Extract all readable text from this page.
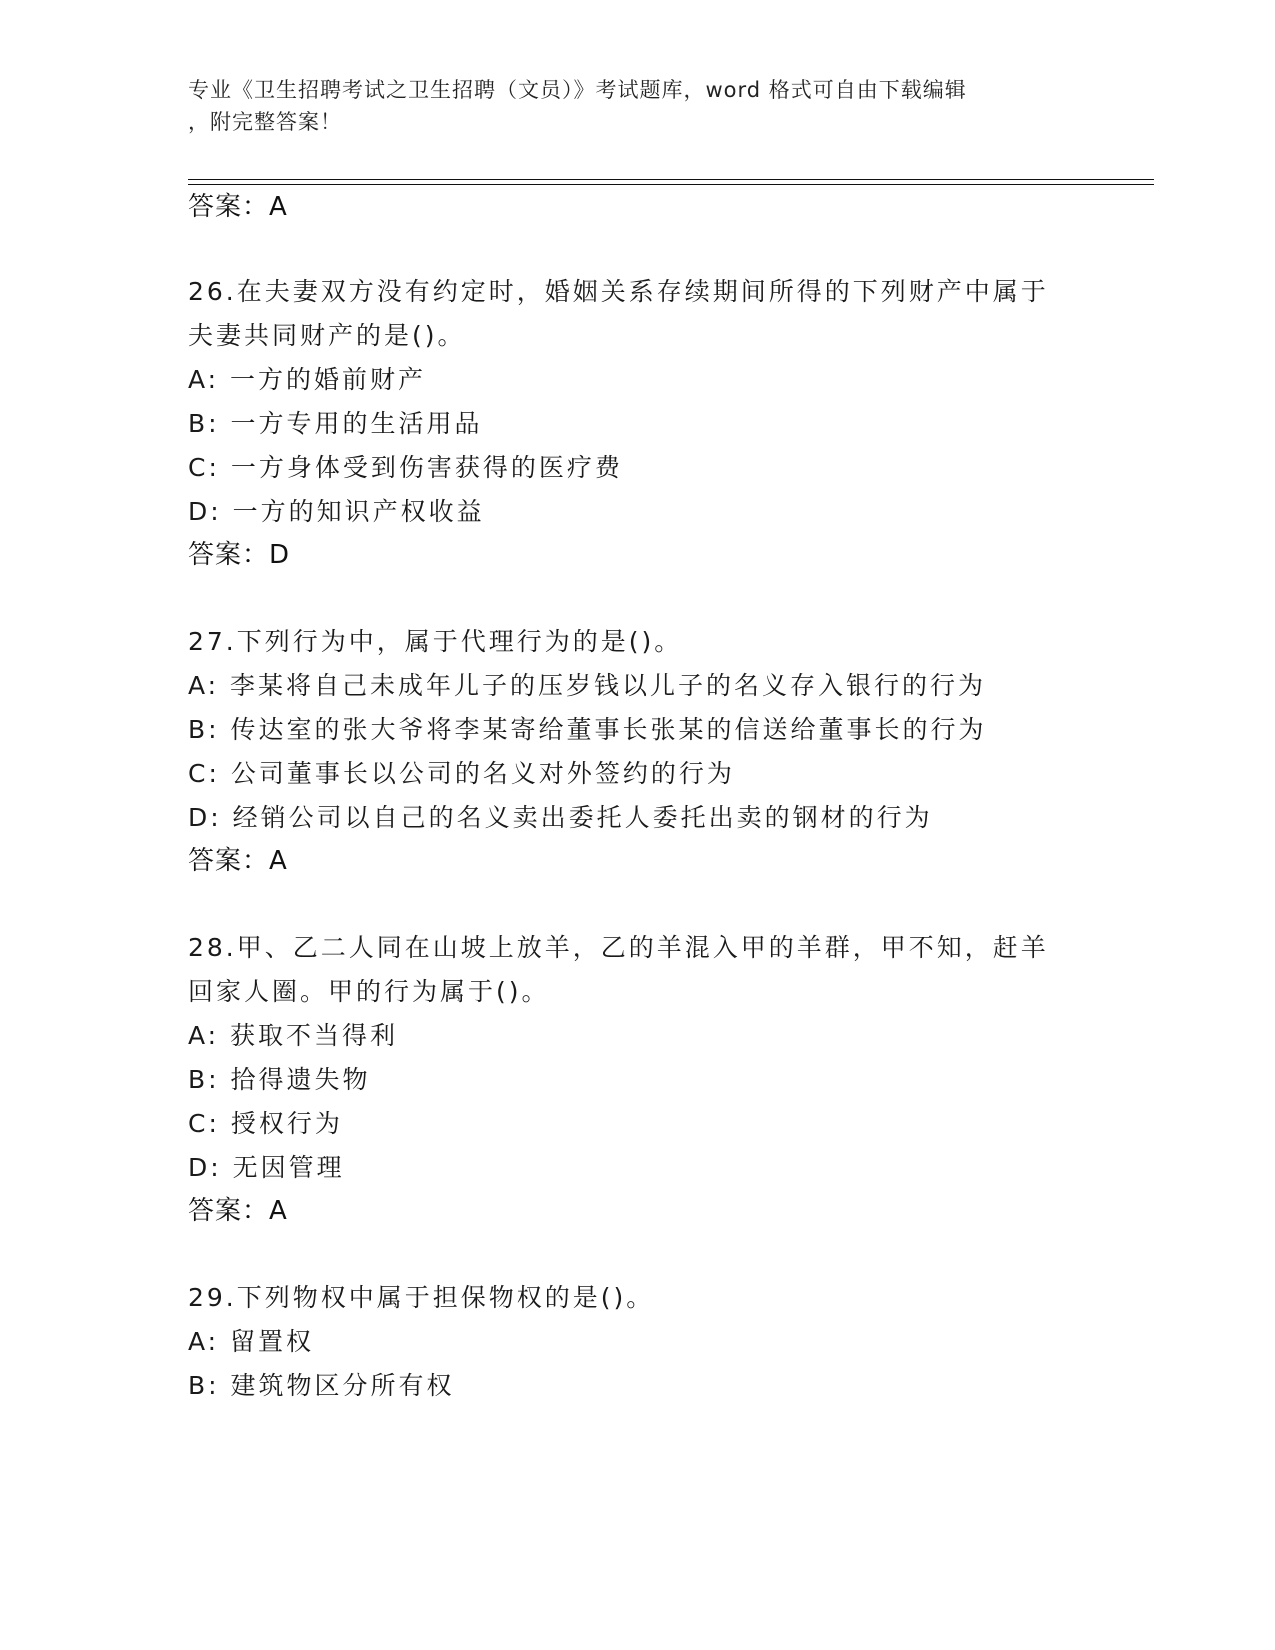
专业《卫生招聘考试之卫生招聘（文员）》考试题库，word 格式可自由下载编辑
，附完整答案！
答案：A
26.在夫妻双方没有约定时，婚姻关系存续期间所得的下列财产中属于
夫妻共同财产的是()。
A: 一方的婚前财产
B: 一方专用的生活用品
C: 一方身体受到伤害获得的医疗费
D: 一方的知识产权收益
答案：D
27.下列行为中，属于代理行为的是()。
A: 李某将自己未成年儿子的压岁钱以儿子的名义存入银行的行为
B: 传达室的张大爷将李某寄给董事长张某的信送给董事长的行为
C: 公司董事长以公司的名义对外签约的行为
D: 经销公司以自己的名义卖出委托人委托出卖的钢材的行为
答案：A
28.甲、乙二人同在山坡上放羊，乙的羊混入甲的羊群，甲不知，赶羊
回家人圈。甲的行为属于()。
A: 获取不当得利
B: 拾得遗失物
C: 授权行为
D: 无因管理
答案：A
29.下列物权中属于担保物权的是()。
A: 留置权
B: 建筑物区分所有权
